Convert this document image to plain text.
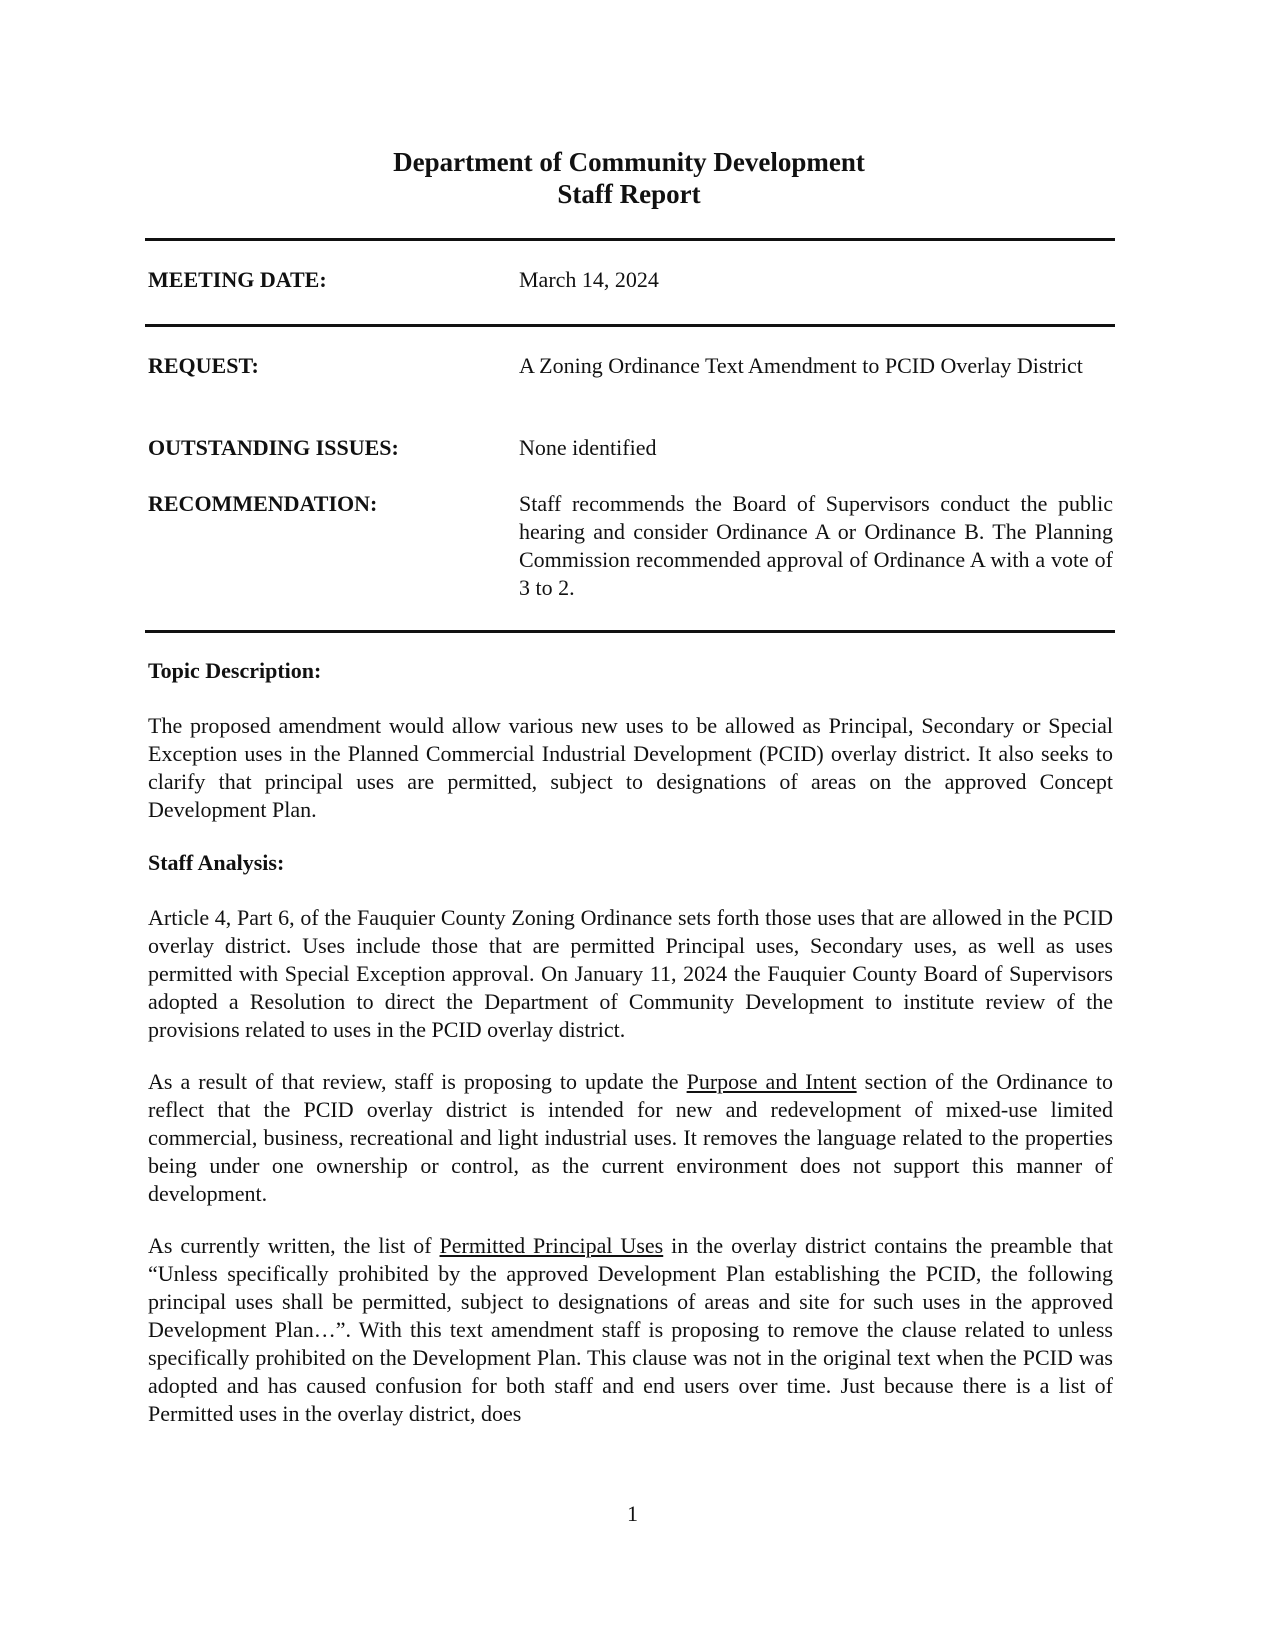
Department of Community Development

Staff Report

MEETING DATE:	March 14, 2024

REQUEST:	A Zoning Ordinance Text Amendment to PCID Overlay District

OUTSTANDING ISSUES:	None identified

RECOMMENDATION:	Staff recommends the Board of Supervisors conduct the public hearing and consider Ordinance A or Ordinance B. The Planning Commission recommended approval of Ordinance A with a vote of 3 to 2.

Topic Description:

The proposed amendment would allow various new uses to be allowed as Principal, Secondary or Special Exception uses in the Planned Commercial Industrial Development (PCID) overlay district. It also seeks to clarify that principal uses are permitted, subject to designations of areas on the approved Concept Development Plan.

Staff Analysis:

Article 4, Part 6, of the Fauquier County Zoning Ordinance sets forth those uses that are allowed in the PCID overlay district. Uses include those that are permitted Principal uses, Secondary uses, as well as uses permitted with Special Exception approval. On January 11, 2024 the Fauquier County Board of Supervisors adopted a Resolution to direct the Department of Community Development to institute review of the provisions related to uses in the PCID overlay district.

As a result of that review, staff is proposing to update the Purpose and Intent section of the Ordinance to reflect that the PCID overlay district is intended for new and redevelopment of mixed-use limited commercial, business, recreational and light industrial uses. It removes the language related to the properties being under one ownership or control, as the current environment does not support this manner of development.

As currently written, the list of Permitted Principal Uses in the overlay district contains the preamble that “Unless specifically prohibited by the approved Development Plan establishing the PCID, the following principal uses shall be permitted, subject to designations of areas and site for such uses in the approved Development Plan…”. With this text amendment staff is proposing to remove the clause related to unless specifically prohibited on the Development Plan. This clause was not in the original text when the PCID was adopted and has caused confusion for both staff and end users over time. Just because there is a list of Permitted uses in the overlay district, does

1
